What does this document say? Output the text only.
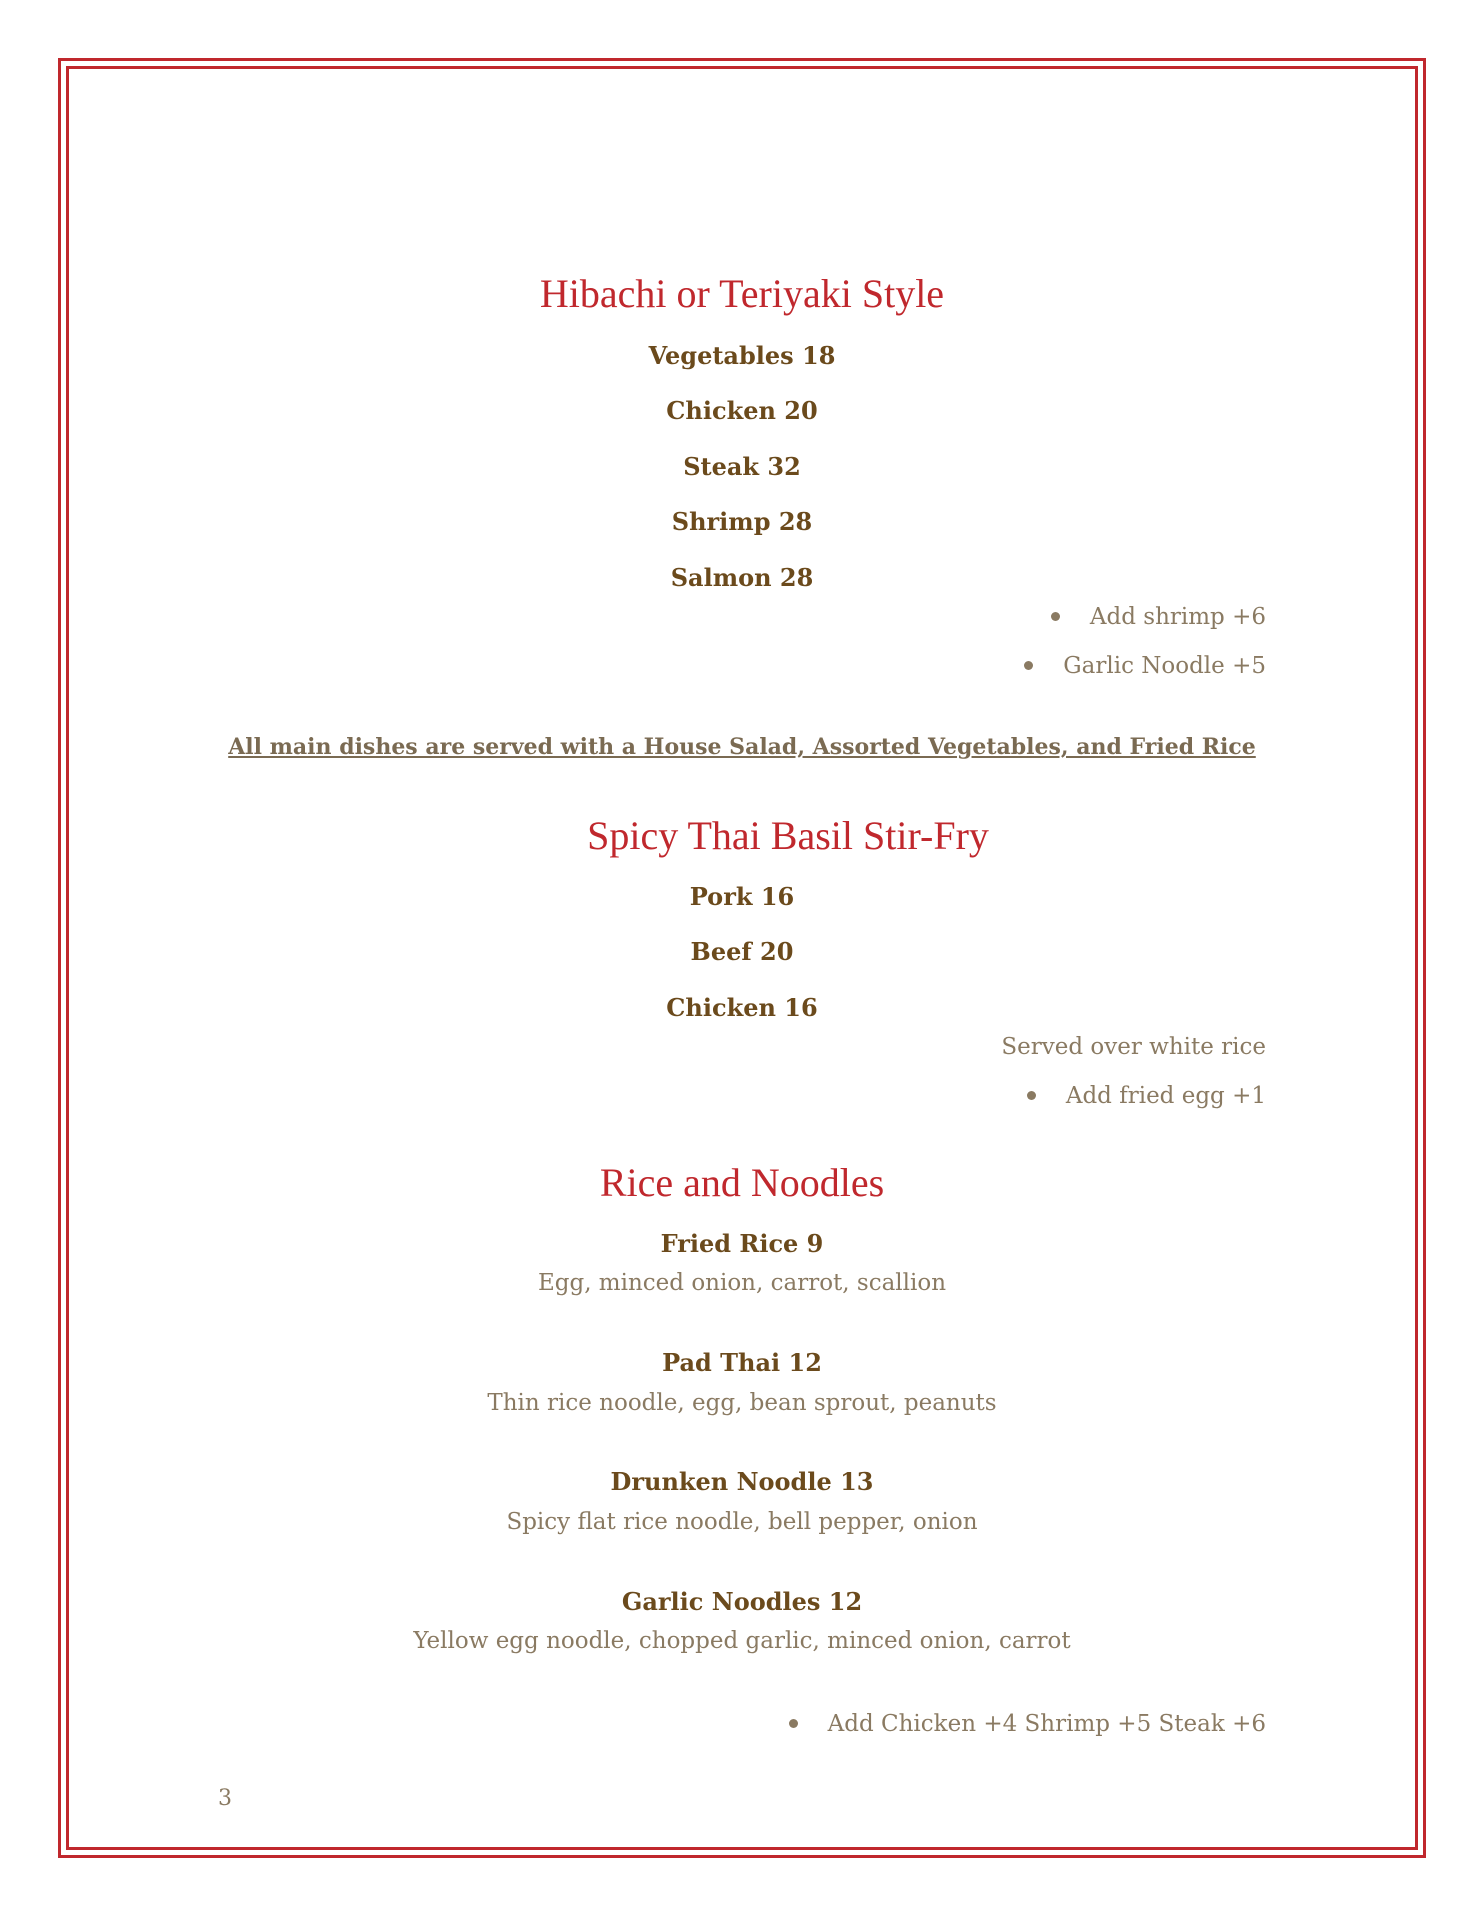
Hibachi or Teriyaki Style
Vegetables 18
Chicken 20
Steak 32
Shrimp 28
Salmon 28
Add shrimp +6
Garlic Noodle +5
All main dishes are served with a House Salad, Assorted Vegetables, and Fried Rice
Spicy Thai Basil Stir-Fry
Pork 16
Beef 20
Chicken 16
Served over white rice
Add fried egg +1
Rice and Noodles
Fried Rice 9
Egg, minced onion, carrot, scallion
Pad Thai 12
Thin rice noodle, egg, bean sprout, peanuts
Drunken Noodle 13
Spicy flat rice noodle, bell pepper, onion
Garlic Noodles 12
Yellow egg noodle, chopped garlic, minced onion, carrot
Add Chicken +4 Shrimp +5 Steak +6
3
